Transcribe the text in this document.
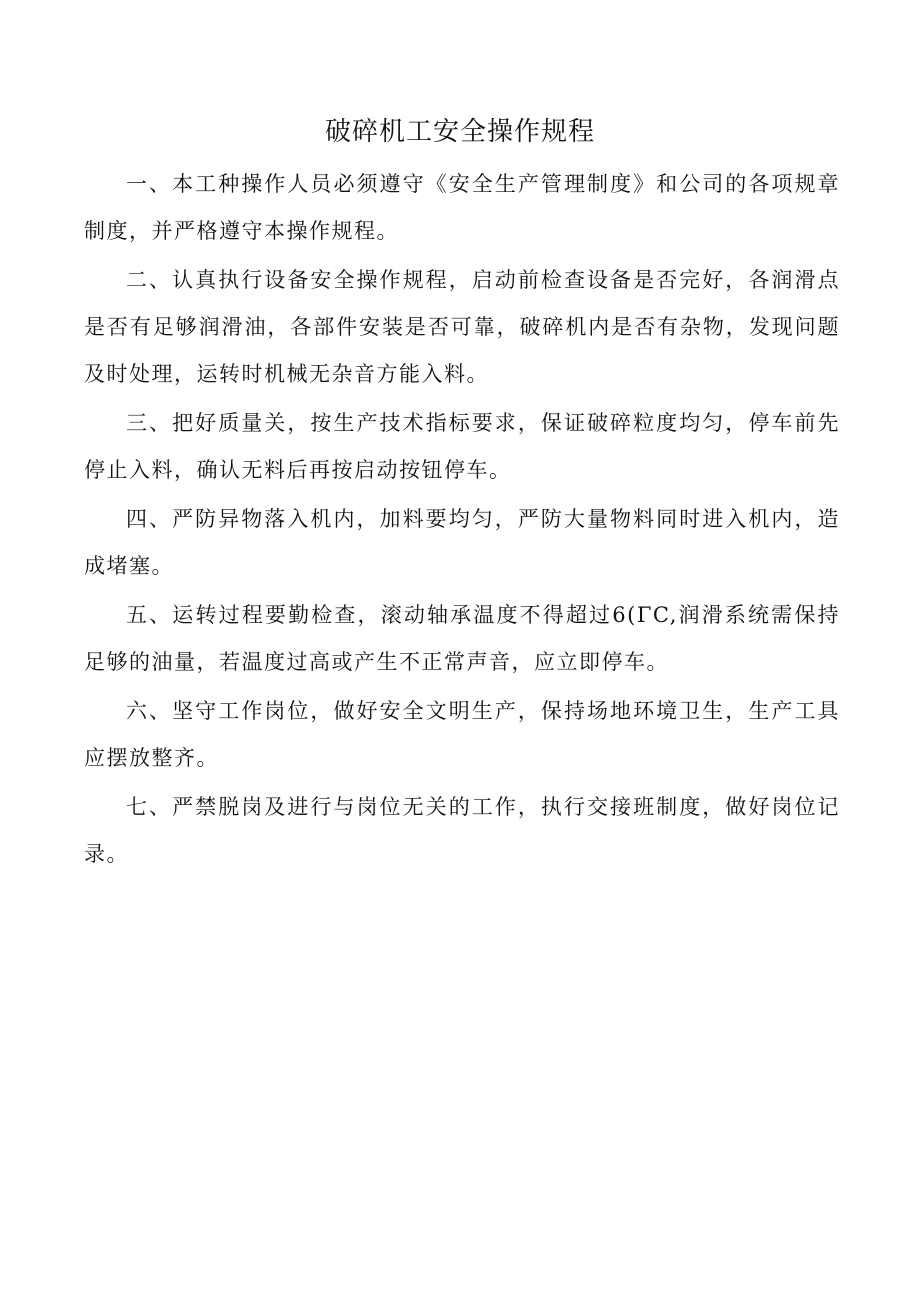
破碎机工安全操作规程

一、本工种操作人员必须遵守《安全生产管理制度》和公司的各项规章制度，并严格遵守本操作规程。

二、认真执行设备安全操作规程，启动前检查设备是否完好，各润滑点是否有足够润滑油，各部件安装是否可靠，破碎机内是否有杂物，发现问题及时处理，运转时机械无杂音方能入料。

三、把好质量关，按生产技术指标要求，保证破碎粒度均匀，停车前先停止入料，确认无料后再按启动按钮停车。

四、严防异物落入机内，加料要均匀，严防大量物料同时进入机内，造成堵塞。

五、运转过程要勤检查，滚动轴承温度不得超过6(ΓC,润滑系统需保持足够的油量，若温度过高或产生不正常声音，应立即停车。

六、坚守工作岗位，做好安全文明生产，保持场地环境卫生，生产工具应摆放整齐。

七、严禁脱岗及进行与岗位无关的工作，执行交接班制度，做好岗位记录。
